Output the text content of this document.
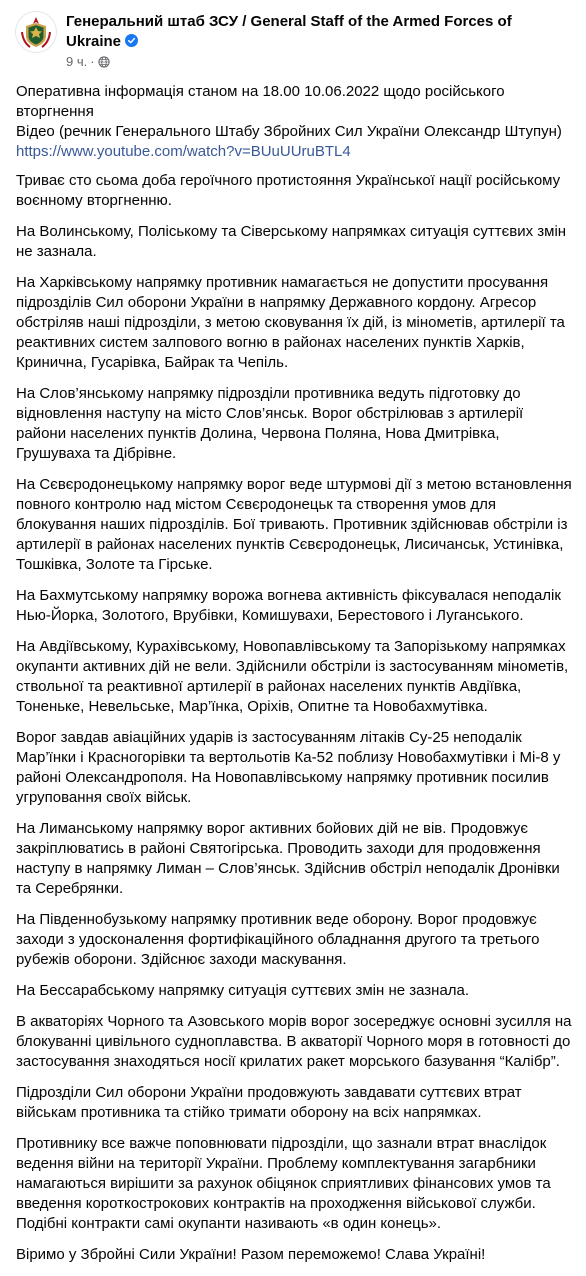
Генеральний штаб ЗСУ / General Staff of the Armed Forces of Ukraine
9 ч. ·

Оперативна інформація станом на 18.00 10.06.2022 щодо російського вторгнення
Відео (речник Генерального Штабу Збройних Сил України Олександр Штупун)
https://www.youtube.com/watch?v=BUuUUruBTL4

Триває сто сьома доба героїчного протистояння Української нації російському воєнному вторгненню.

На Волинському, Поліському та Сіверському напрямках ситуація суттєвих змін не зазнала.

На Харківському напрямку противник намагається не допустити просування підрозділів Сил оборони України в напрямку Державного кордону. Агресор обстріляв наші підрозділи, з метою сковування їх дій, із мінометів, артилерії та реактивних систем залпового вогню в районах населених пунктів Харків, Кринична, Гусарівка, Байрак та Чепіль.

На Слов’янському напрямку підрозділи противника ведуть підготовку до відновлення наступу на місто Слов’янськ. Ворог обстрілював з артилерії райони населених пунктів Долина, Червона Поляна, Нова Дмитрівка, Грушуваха та Дібрівне.

На Сєвєродонецькому напрямку ворог веде штурмові дії з метою встановлення повного контролю над містом Сєвєродонецьк та створення умов для блокування наших підрозділів. Бої тривають. Противник здійснював обстріли із артилерії в районах населених пунктів Сєвєродонецьк, Лисичанськ, Устинівка, Тошківка, Золоте та Гірське.

На Бахмутському напрямку ворожа вогнева активність фіксувалася неподалік Нью-Йорка, Золотого, Врубівки, Комишувахи, Берестового і Луганського.

На Авдіївському, Курахівському, Новопавлівському та Запорізькому напрямках окупанти активних дій не вели. Здійснили обстріли із застосуванням мінометів, ствольної та реактивної артилерії в районах населених пунктів Авдіївка, Тоненьке, Невельське, Мар’їнка, Оріхів, Опитне та Новобахмутівка.

Ворог завдав авіаційних ударів із застосуванням літаків Су-25 неподалік Мар’їнки і Красногорівки та вертольотів Ка-52 поблизу Новобахмутівки і Мі-8 у районі Олександрополя. На Новопавлівському напрямку противник посилив угруповання своїх військ.

На Лиманському напрямку ворог активних бойових дій не вів. Продовжує закріплюватись в районі Святогірська. Проводить заходи для продовження наступу в напрямку Лиман – Слов’янськ. Здійснив обстріл неподалік Дронівки та Серебрянки.

На Південнобузькому напрямку противник веде оборону. Ворог продовжує заходи з удосконалення фортифікаційного обладнання другого та третього рубежів оборони. Здійснює заходи маскування.

На Бессарабському напрямку ситуація суттєвих змін не зазнала.

В акваторіях Чорного та Азовського морів ворог зосереджує основні зусилля на блокуванні цивільного судноплавства. В акваторії Чорного моря в готовності до застосування знаходяться носії крилатих ракет морського базування “Калібр”.

Підрозділи Сил оборони України продовжують завдавати суттєвих втрат військам противника та стійко тримати оборону на всіх напрямках.

Противнику все важче поповнювати підрозділи, що зазнали втрат внаслідок ведення війни на території України. Проблему комплектування загарбники намагаються вирішити за рахунок обіцянок сприятливих фінансових умов та введення короткострокових контрактів на проходження військової служби. Подібні контракти самі окупанти називають «в один конець».

Віримо у Збройні Сили України! Разом переможемо! Слава Україні!
